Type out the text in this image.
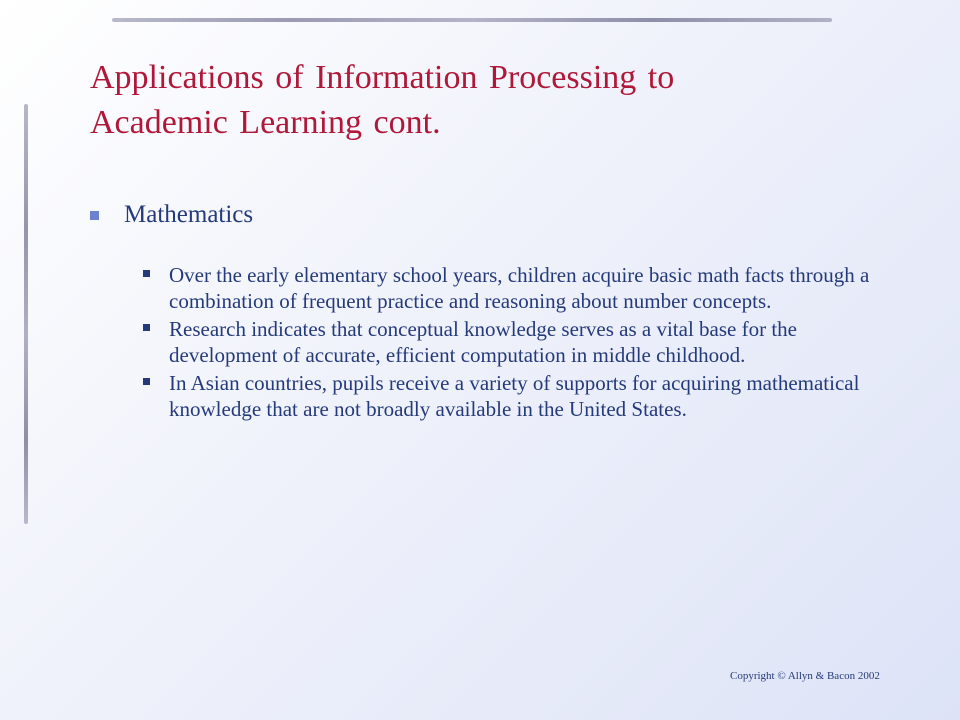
Applications of Information Processing to
Academic Learning cont.
Mathematics
Over the early elementary school years, children acquire basic math facts through a combination of frequent practice and reasoning about number concepts.
Research indicates that conceptual knowledge serves as a vital base for the development of accurate, efficient computation in middle childhood.
In Asian countries, pupils receive a variety of supports for acquiring mathematical knowledge that are not broadly available in the United States.
Copyright © Allyn & Bacon 2002
